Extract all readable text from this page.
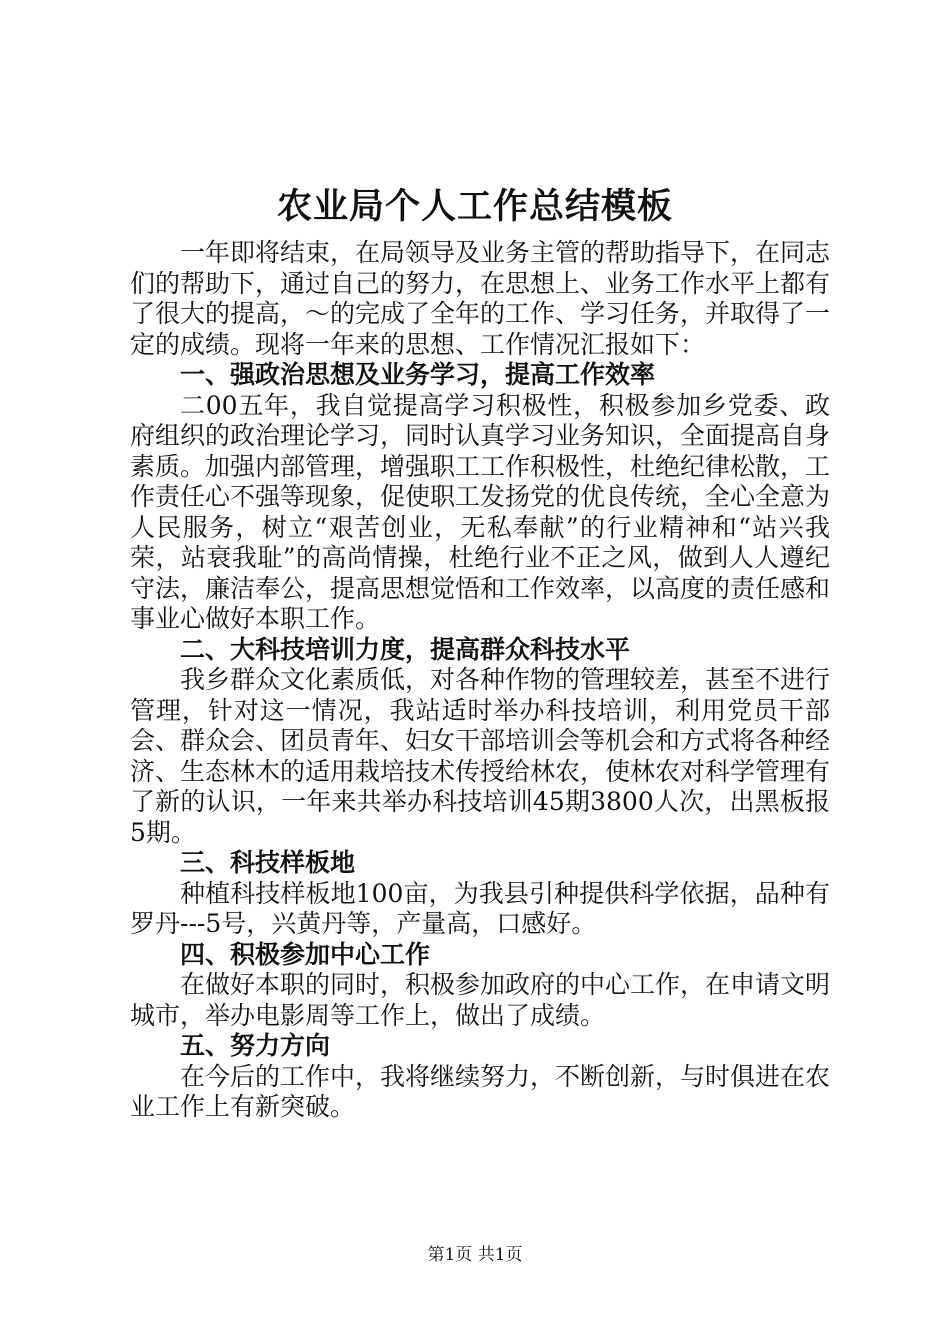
农业局个人工作总结模板

一年即将结束，在局领导及业务主管的帮助指导下，在同志们的帮助下，通过自己的努力，在思想上、业务工作水平上都有了很大的提高，～的完成了全年的工作、学习任务，并取得了一定的成绩。现将一年来的思想、工作情况汇报如下：

一、强政治思想及业务学习，提高工作效率

二00五年，我自觉提高学习积极性，积极参加乡党委、政府组织的政治理论学习，同时认真学习业务知识，全面提高自身素质。加强内部管理，增强职工工作积极性，杜绝纪律松散，工作责任心不强等现象，促使职工发扬党的优良传统，全心全意为人民服务，树立“艰苦创业，无私奉献”的行业精神和“站兴我荣，站衰我耻”的高尚情操，杜绝行业不正之风，做到人人遵纪守法，廉洁奉公，提高思想觉悟和工作效率，以高度的责任感和事业心做好本职工作。

二、大科技培训力度，提高群众科技水平

我乡群众文化素质低，对各种作物的管理较差，甚至不进行管理，针对这一情况，我站适时举办科技培训，利用党员干部会、群众会、团员青年、妇女干部培训会等机会和方式将各种经济、生态林木的适用栽培技术传授给林农，使林农对科学管理有了新的认识，一年来共举办科技培训45期3800人次，出黑板报5期。

三、科技样板地

种植科技样板地100亩，为我县引种提供科学依据，品种有罗丹---5号，兴黄丹等，产量高，口感好。

四、积极参加中心工作

在做好本职的同时，积极参加政府的中心工作，在申请文明城市，举办电影周等工作上，做出了成绩。

五、努力方向

在今后的工作中，我将继续努力，不断创新，与时俱进在农业工作上有新突破。

第1页 共1页
